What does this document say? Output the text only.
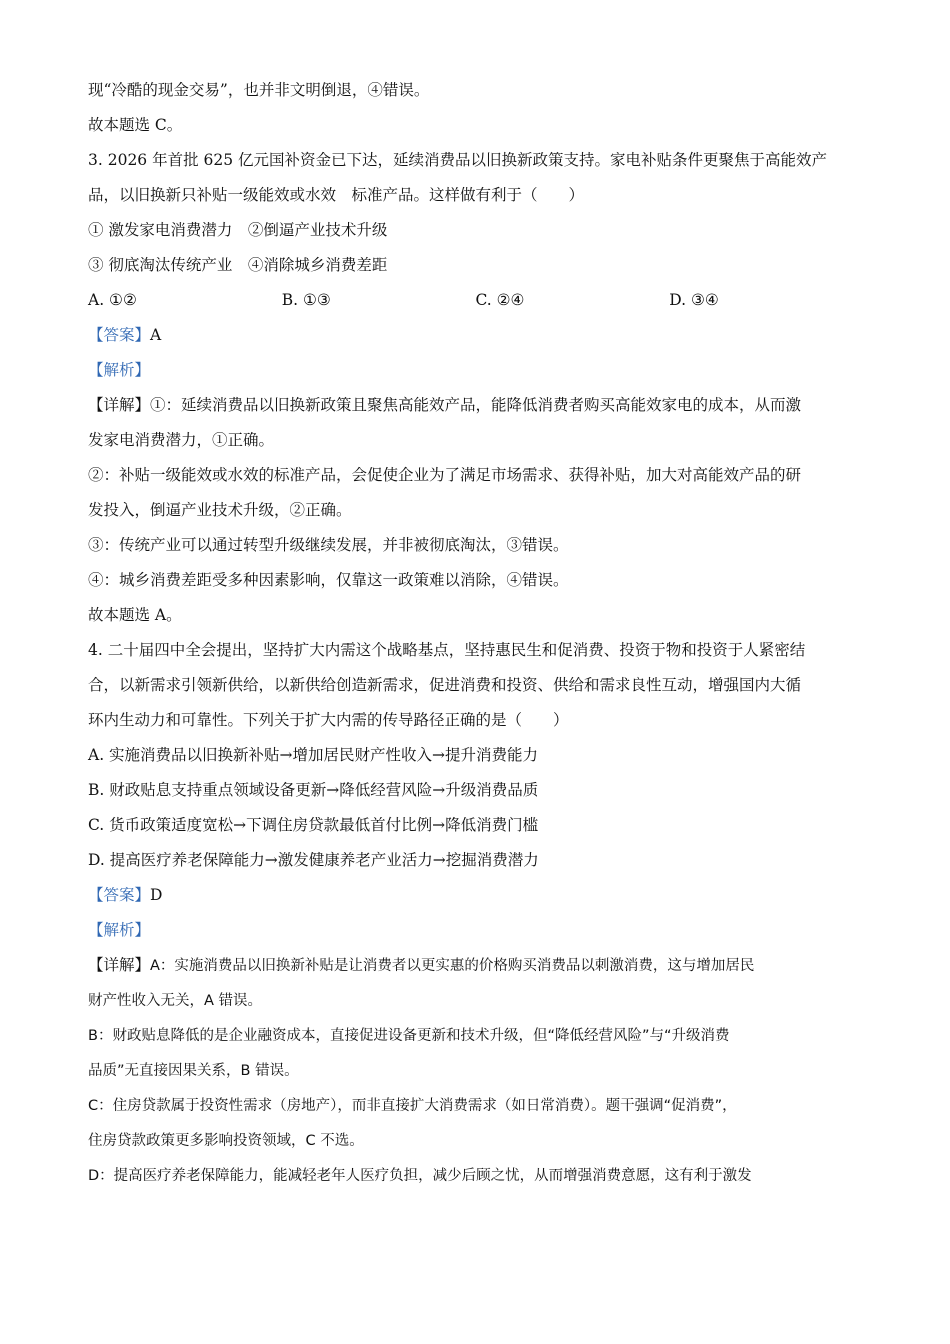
现“冷酷的现金交易”，也并非文明倒退，④错误。

故本题选 C。

3. 2026 年首批 625 亿元国补资金已下达，延续消费品以旧换新政策支持。家电补贴条件更聚焦于高能效产

品，以旧换新只补贴一级能效或水效　标准产品。这样做有利于（　　）

① 激发家电消费潜力　②倒逼产业技术升级

③ 彻底淘汰传统产业　④消除城乡消费差距

A. ①②	B. ①③	C. ②④	D. ③④

【答案】A

【解析】

【详解】①：延续消费品以旧换新政策且聚焦高能效产品，能降低消费者购买高能效家电的成本，从而激

发家电消费潜力，①正确。

②：补贴一级能效或水效的标准产品，会促使企业为了满足市场需求、获得补贴，加大对高能效产品的研

发投入，倒逼产业技术升级，②正确。

③：传统产业可以通过转型升级继续发展，并非被彻底淘汰，③错误。

④：城乡消费差距受多种因素影响，仅靠这一政策难以消除，④错误。

故本题选 A。

4. 二十届四中全会提出，坚持扩大内需这个战略基点，坚持惠民生和促消费、投资于物和投资于人紧密结

合，以新需求引领新供给，以新供给创造新需求，促进消费和投资、供给和需求良性互动，增强国内大循

环内生动力和可靠性。下列关于扩大内需的传导路径正确的是（　　）

A. 实施消费品以旧换新补贴→增加居民财产性收入→提升消费能力

B. 财政贴息支持重点领域设备更新→降低经营风险→升级消费品质

C. 货币政策适度宽松→下调住房贷款最低首付比例→降低消费门槛

D. 提高医疗养老保障能力→激发健康养老产业活力→挖掘消费潜力

【答案】D

【解析】

【详解】A：实施消费品以旧换新补贴是让消费者以更实惠的价格购买消费品以刺激消费，这与增加居民

财产性收入无关，A 错误。

B：财政贴息降低的是企业融资成本，直接促进设备更新和技术升级，但“降低经营风险”与“升级消费

品质”无直接因果关系，B 错误。

C：住房贷款属于投资性需求（房地产），而非直接扩大消费需求（如日常消费）。题干强调“促消费”，

住房贷款政策更多影响投资领域，C 不选。

D：提高医疗养老保障能力，能减轻老年人医疗负担，减少后顾之忧，从而增强消费意愿，这有利于激发
